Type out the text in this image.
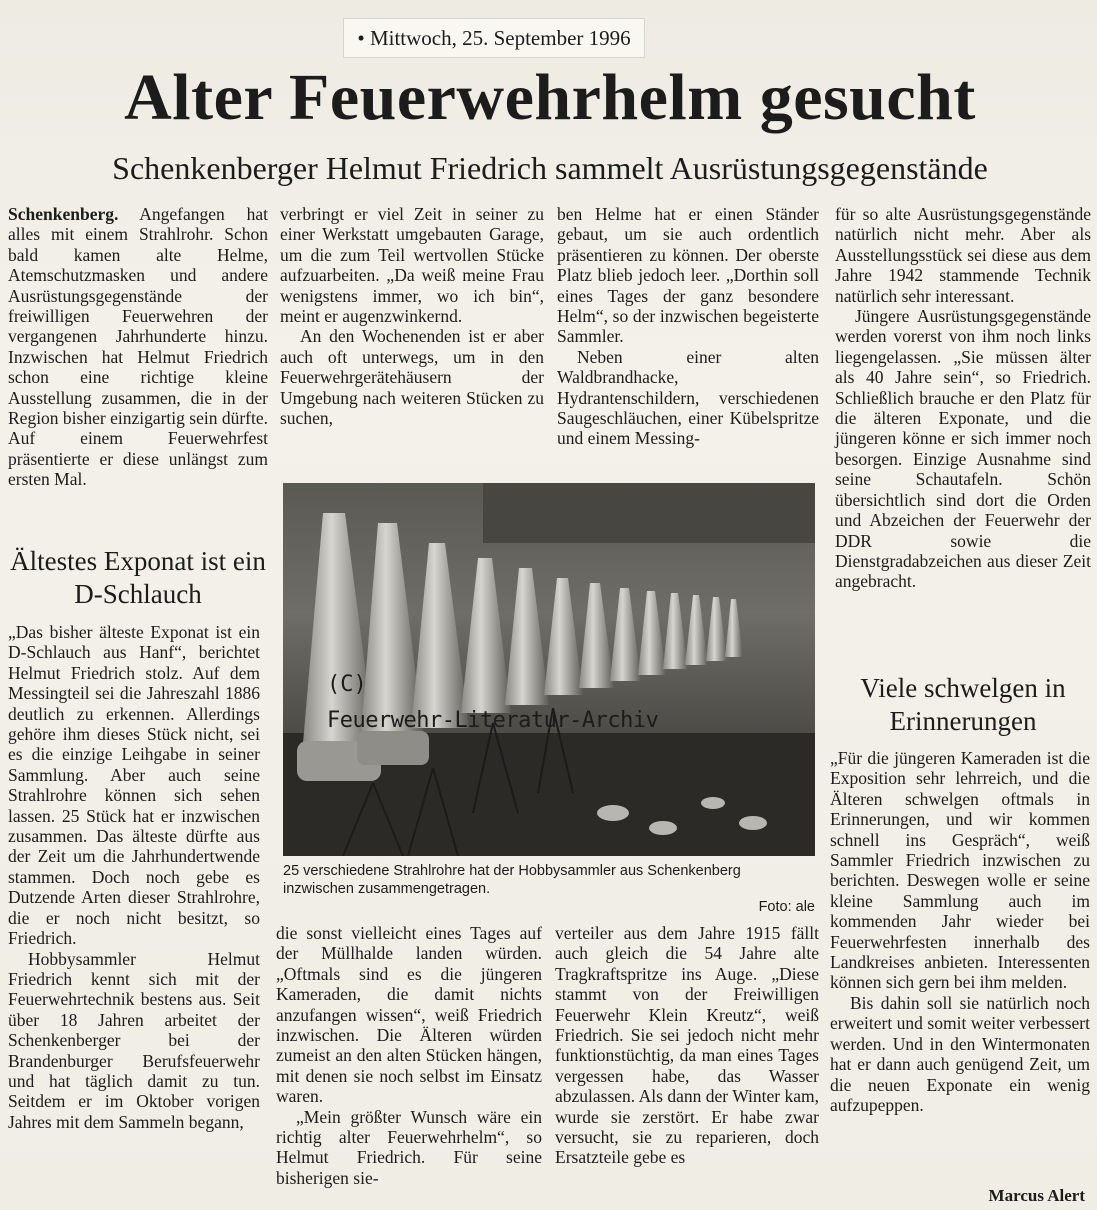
• Mittwoch, 25. September 1996
Alter Feuerwehrhelm gesucht
Schenkenberger Helmut Friedrich sammelt Ausrüstungsgegenstände

Schenkenberg. Angefangen hat alles mit einem Strahlrohr. Schon bald kamen alte Helme, Atemschutzmasken und andere Ausrüstungsgegenstände der freiwilligen Feuerwehren der vergangenen Jahrhunderte hinzu. Inzwischen hat Helmut Friedrich schon eine richtige kleine Ausstellung zusammen, die in der Region bisher einzigartig sein dürfte. Auf einem Feuerwehrfest präsentierte er diese unlängst zum ersten Mal.

Ältestes Exponat ist ein D-Schlauch

„Das bisher älteste Exponat ist ein D-Schlauch aus Hanf“, berichtet Helmut Friedrich stolz. Auf dem Messingteil sei die Jahreszahl 1886 deutlich zu erkennen. Allerdings gehöre ihm dieses Stück nicht, sei es die einzige Leihgabe in seiner Sammlung. Aber auch seine Strahlrohre können sich sehen lassen. 25 Stück hat er inzwischen zusammen. Das älteste dürfte aus der Zeit um die Jahrhundertwende stammen. Doch noch gebe es Dutzende Arten dieser Strahlrohre, die er noch nicht besitzt, so Friedrich.

Hobbysammler Helmut Friedrich kennt sich mit der Feuerwehrtechnik bestens aus. Seit über 18 Jahren arbeitet der Schenkenberger bei der Brandenburger Berufsfeuerwehr und hat täglich damit zu tun. Seitdem er im Oktober vorigen Jahres mit dem Sammeln begann,

verbringt er viel Zeit in seiner zu einer Werkstatt umgebauten Garage, um die zum Teil wertvollen Stücke aufzuarbeiten. „Da weiß meine Frau wenigstens immer, wo ich bin“, meint er augenzwinkernd.

An den Wochenenden ist er aber auch oft unterwegs, um in den Feuerwehrgerätehäusern der Umgebung nach weiteren Stücken zu suchen,

ben Helme hat er einen Ständer gebaut, um sie auch ordentlich präsentieren zu können. Der oberste Platz blieb jedoch leer. „Dorthin soll eines Tages der ganz besondere Helm“, so der inzwischen begeisterte Sammler.

Neben einer alten Waldbrandhacke, Hydrantenschildern, verschiedenen Saugeschläuchen, einer Kübelspritze und einem Messing-

für so alte Ausrüstungsgegenstände natürlich nicht mehr. Aber als Ausstellungsstück sei diese aus dem Jahre 1942 stammende Technik natürlich sehr interessant.

Jüngere Ausrüstungsgegenstände werden vorerst von ihm noch links liegengelassen. „Sie müssen älter als 40 Jahre sein“, so Friedrich. Schließlich brauche er den Platz für die älteren Exponate, und die jüngeren könne er sich immer noch besorgen. Einzige Ausnahme sind seine Schautafeln. Schön übersichtlich sind dort die Orden und Abzeichen der Feuerwehr der DDR sowie die Dienstgradabzeichen aus dieser Zeit angebracht.

Viele schwelgen in Erinnerungen

„Für die jüngeren Kameraden ist die Exposition sehr lehrreich, und die Älteren schwelgen oftmals in Erinnerungen, und wir kommen schnell ins Gespräch“, weiß Sammler Friedrich inzwischen zu berichten. Deswegen wolle er seine kleine Sammlung auch im kommenden Jahr wieder bei Feuerwehrfesten innerhalb des Landkreises anbieten. Interessenten können sich gern bei ihm melden.

Bis dahin soll sie natürlich noch erweitert und somit weiter verbessert werden. Und in den Wintermonaten hat er dann auch genügend Zeit, um die neuen Exponate ein wenig aufzupeppen.

(C)
Feuerwehr-Literatur-Archiv
25 verschiedene Strahlrohre hat der Hobbysammler aus Schenkenberg inzwischen zusammengetragen.
Foto: ale

die sonst vielleicht eines Tages auf der Müllhalde landen würden. „Oftmals sind es die jüngeren Kameraden, die damit nichts anzufangen wissen“, weiß Friedrich inzwischen. Die Älteren würden zumeist an den alten Stücken hängen, mit denen sie noch selbst im Einsatz waren.

„Mein größter Wunsch wäre ein richtig alter Feuerwehrhelm“, so Helmut Friedrich. Für seine bisherigen sie-

verteiler aus dem Jahre 1915 fällt auch gleich die 54 Jahre alte Tragkraftspritze ins Auge. „Diese stammt von der Freiwilligen Feuerwehr Klein Kreutz“, weiß Friedrich. Sie sei jedoch nicht mehr funktionstüchtig, da man eines Tages vergessen habe, das Wasser abzulassen. Als dann der Winter kam, wurde sie zerstört. Er habe zwar versucht, sie zu reparieren, doch Ersatzteile gebe es

Marcus Alert
